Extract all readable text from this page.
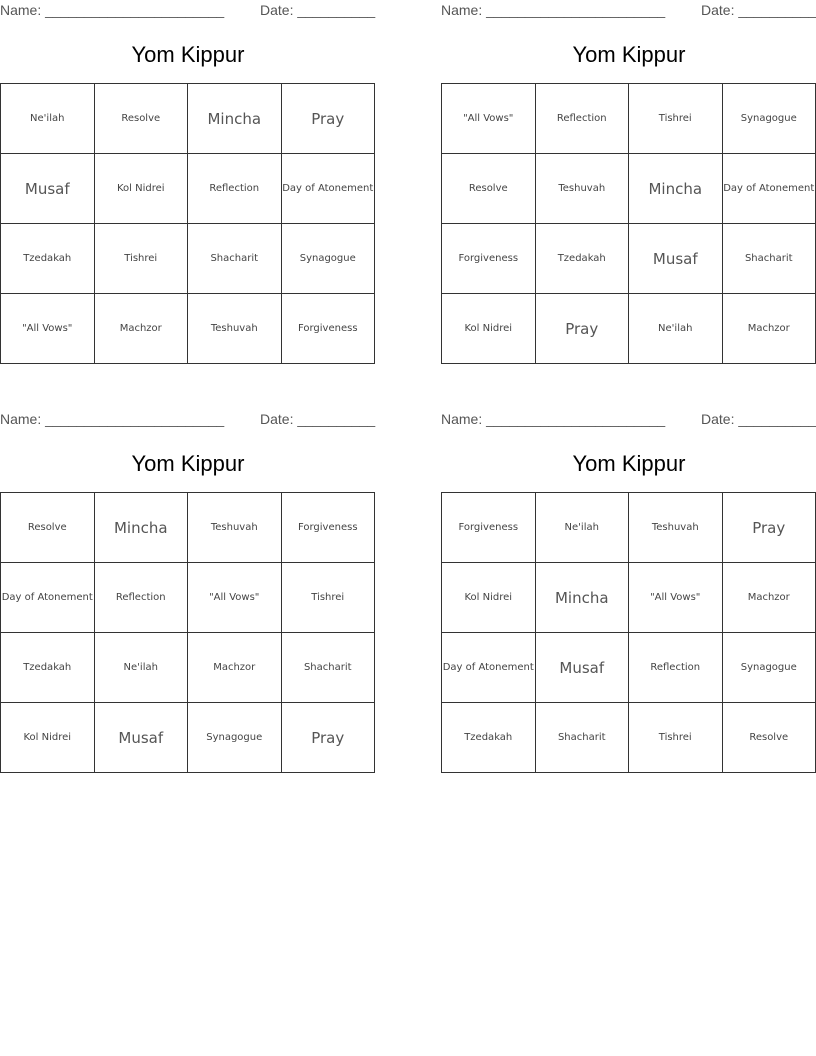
Name: _______________________	Date: __________
Yom Kippur
Ne'ilah	Resolve	Mincha	Pray
Musaf	Kol Nidrei	Reflection	Day of Atonement
Tzedakah	Tishrei	Shacharit	Synagogue
"All Vows"	Machzor	Teshuvah	Forgiveness
Name: _______________________	Date: __________
Yom Kippur
"All Vows"	Reflection	Tishrei	Synagogue
Resolve	Teshuvah	Mincha	Day of Atonement
Forgiveness	Tzedakah	Musaf	Shacharit
Kol Nidrei	Pray	Ne'ilah	Machzor
Name: _______________________	Date: __________
Yom Kippur
Resolve	Mincha	Teshuvah	Forgiveness
Day of Atonement	Reflection	"All Vows"	Tishrei
Tzedakah	Ne'ilah	Machzor	Shacharit
Kol Nidrei	Musaf	Synagogue	Pray
Name: _______________________	Date: __________
Yom Kippur
Forgiveness	Ne'ilah	Teshuvah	Pray
Kol Nidrei	Mincha	"All Vows"	Machzor
Day of Atonement	Musaf	Reflection	Synagogue
Tzedakah	Shacharit	Tishrei	Resolve
